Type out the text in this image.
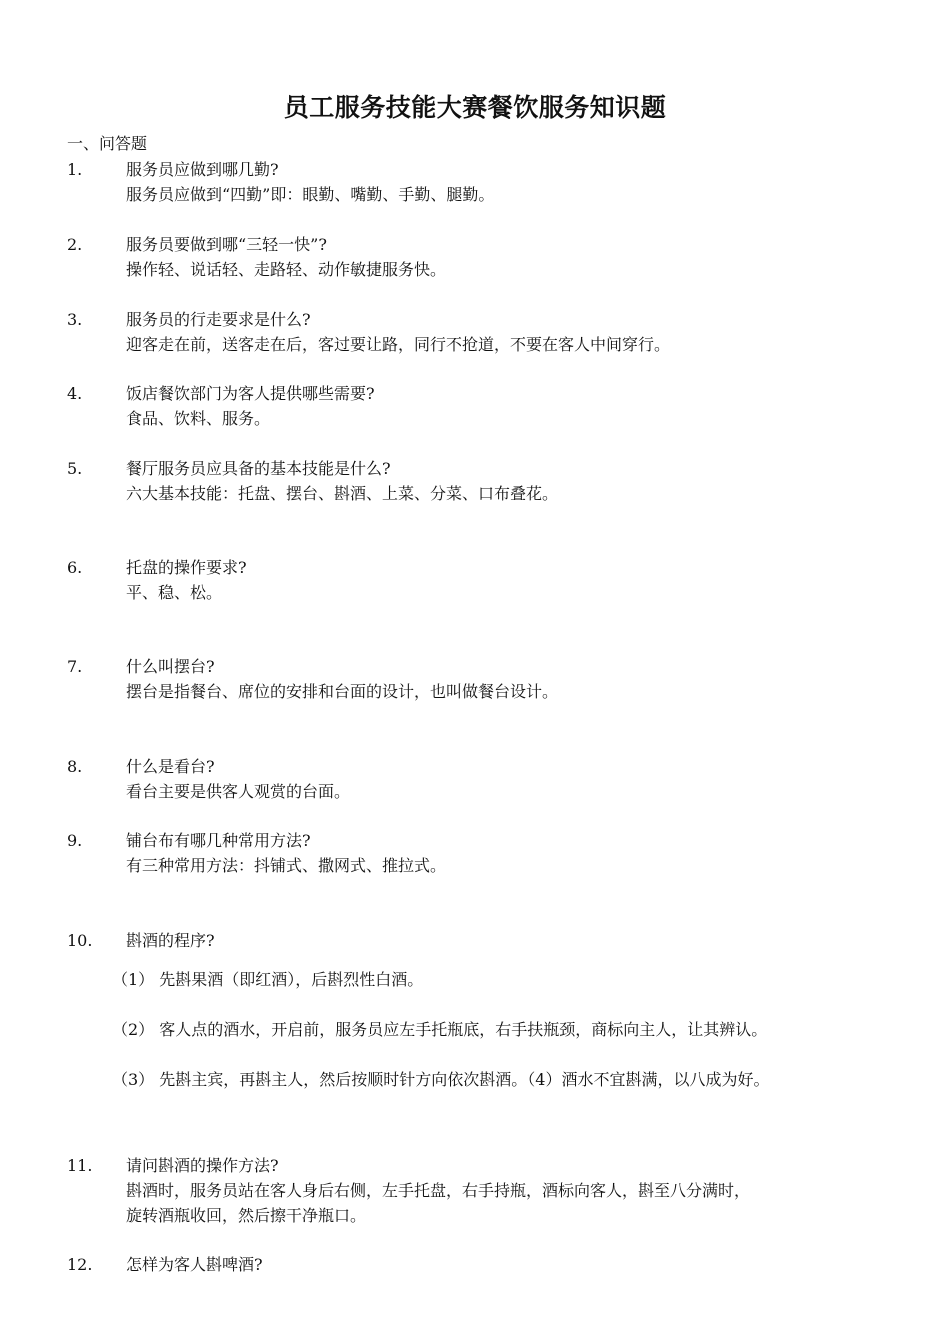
员工服务技能大赛餐饮服务知识题
一、问答题
1.	服务员应做到哪几勤?
服务员应做到“四勤”即：眼勤、嘴勤、手勤、腿勤。
2.	服务员要做到哪“三轻一快”?
操作轻、说话轻、走路轻、动作敏捷服务快。
3.	服务员的行走要求是什么?
迎客走在前，送客走在后，客过要让路，同行不抢道，不要在客人中间穿行。
4.	饭店餐饮部门为客人提供哪些需要?
食品、饮料、服务。
5.	餐厅服务员应具备的基本技能是什么?
六大基本技能：托盘、摆台、斟酒、上菜、分菜、口布叠花。
6.	托盘的操作要求?
平、稳、松。
7.	什么叫摆台?
摆台是指餐台、席位的安排和台面的设计，也叫做餐台设计。
8.	什么是看台?
看台主要是供客人观赏的台面。
9.	铺台布有哪几种常用方法?
有三种常用方法：抖铺式、撒网式、推拉式。
10. 斟酒的程序?
（1） 先斟果酒（即红酒），后斟烈性白酒。
（2） 客人点的酒水，开启前，服务员应左手托瓶底，右手扶瓶颈，商标向主人，让其辨认。
（3） 先斟主宾，再斟主人，然后按顺时针方向依次斟酒。（4）酒水不宜斟满，以八成为好。
11. 请问斟酒的操作方法?
斟酒时，服务员站在客人身后右侧，左手托盘，右手持瓶，酒标向客人，斟至八分满时，
旋转酒瓶收回，然后擦干净瓶口。
12. 怎样为客人斟啤酒?
